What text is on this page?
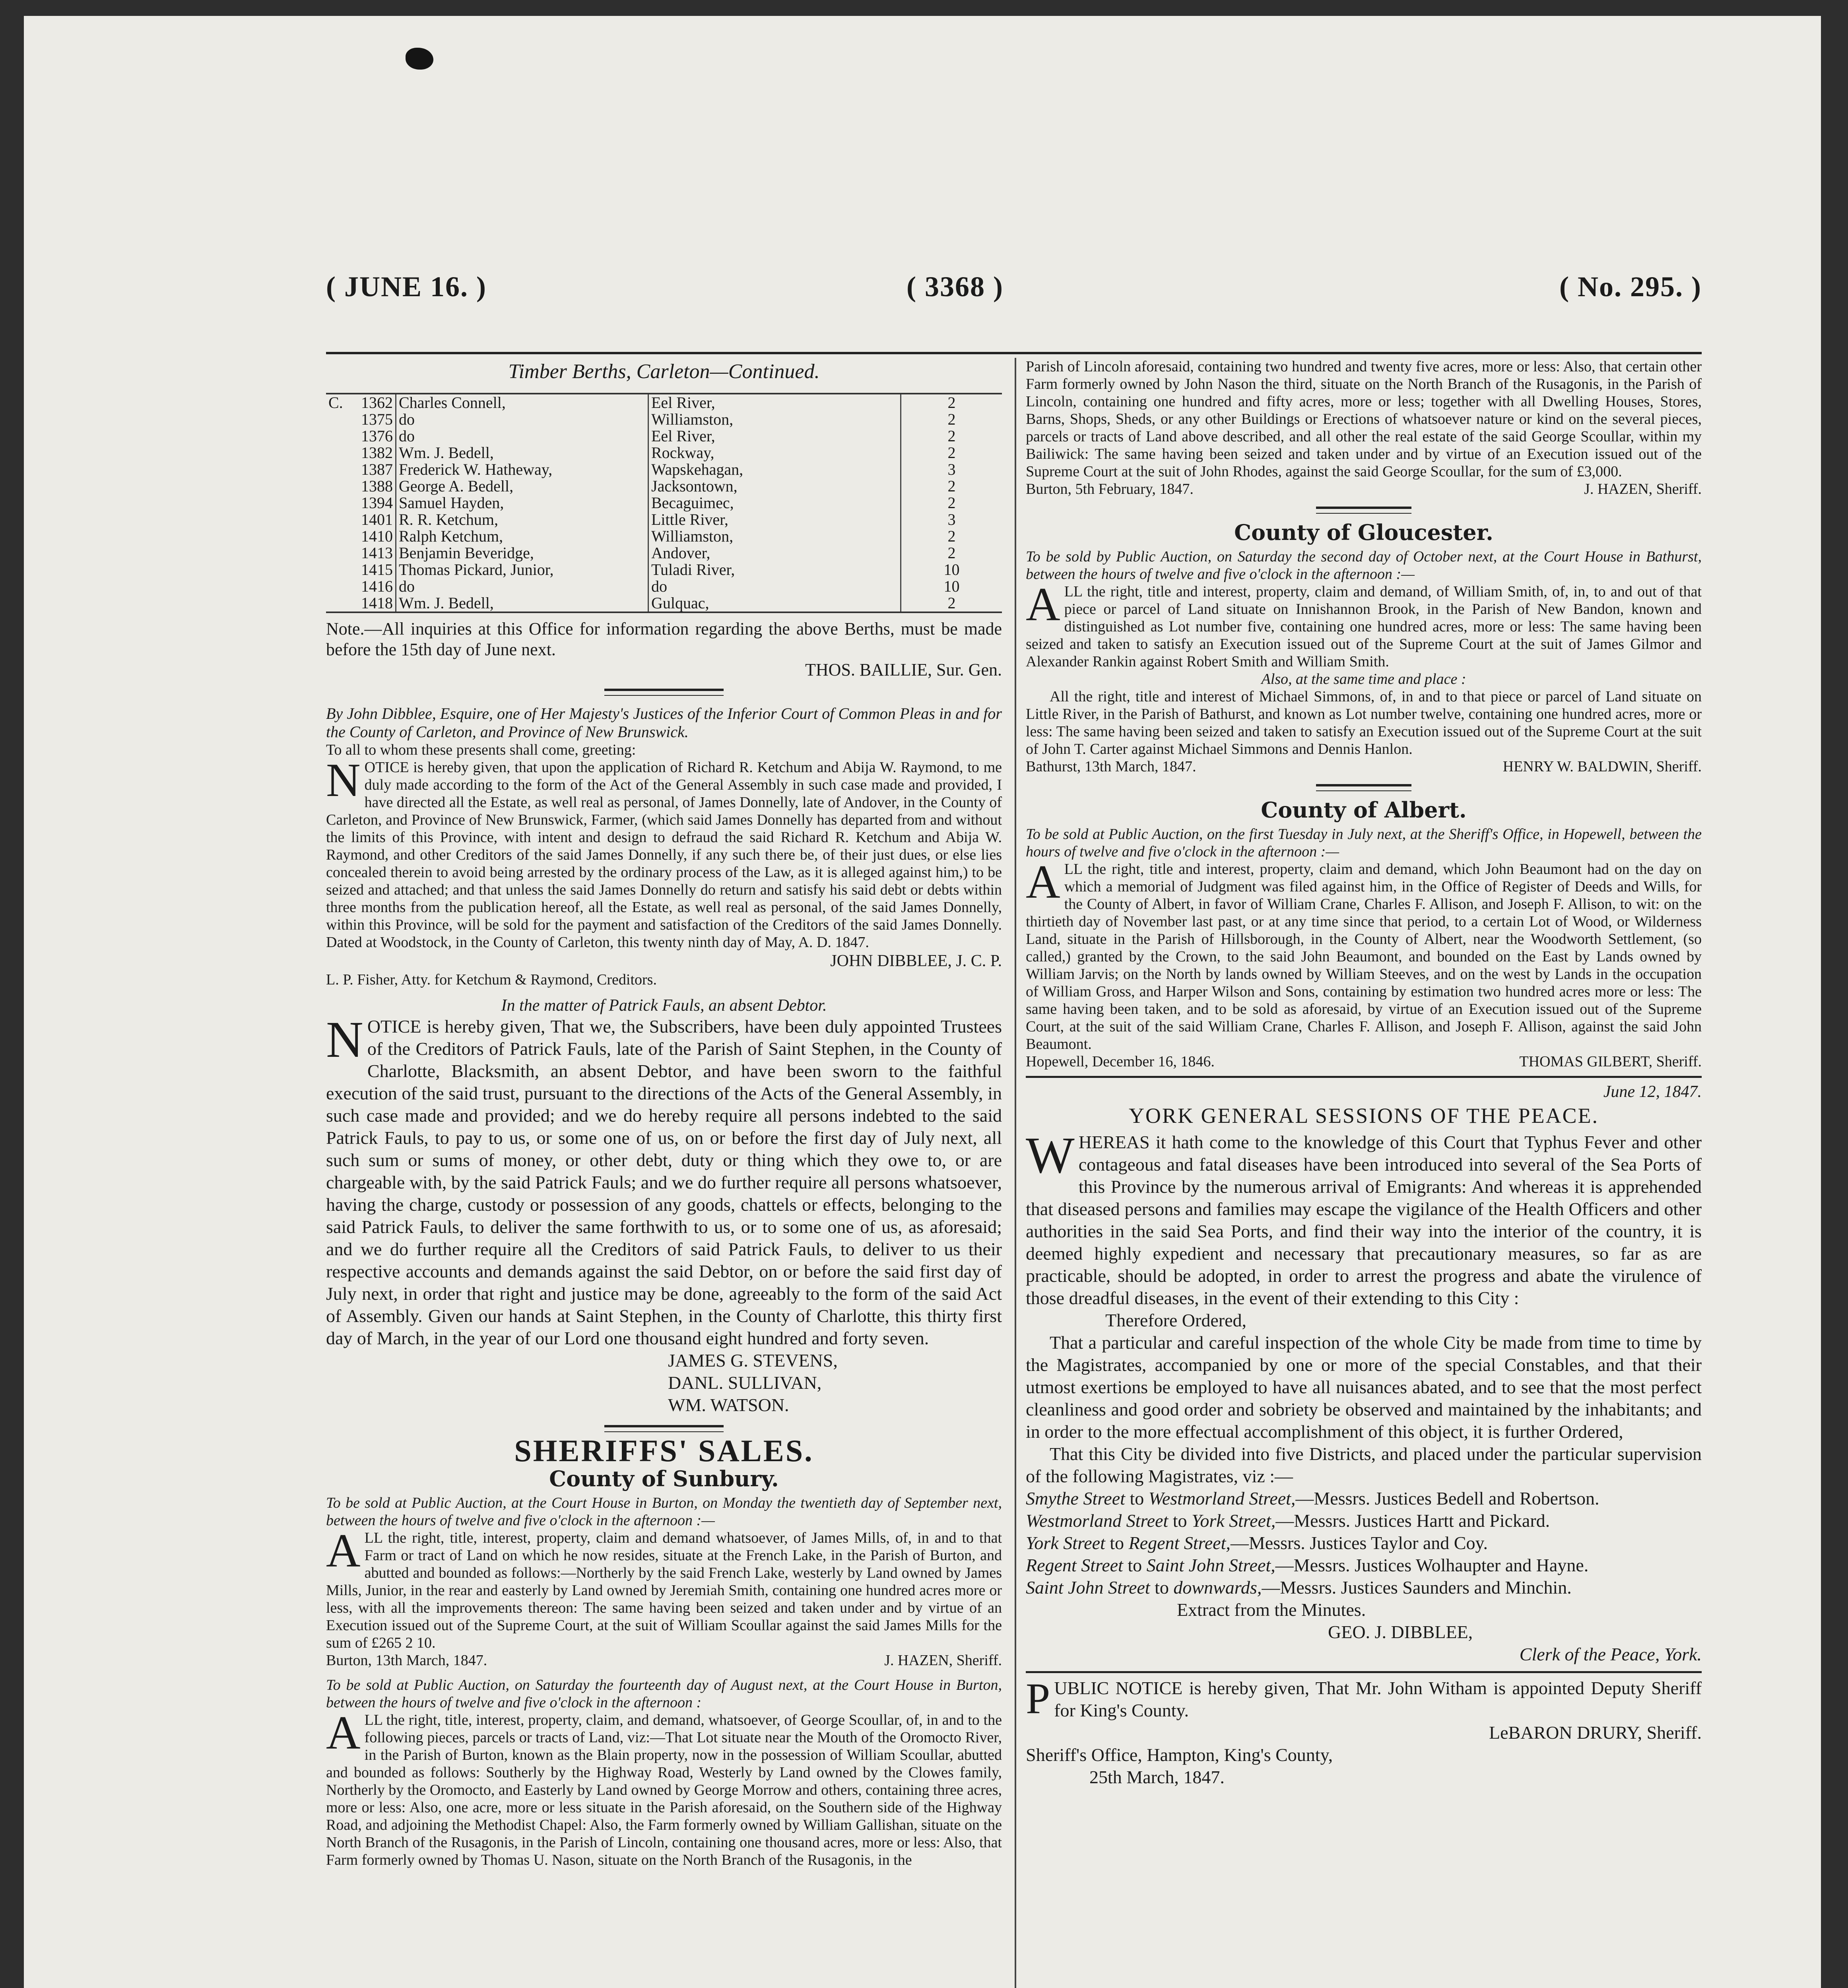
( JUNE 16. )	( 3368 )	( No. 295. )
Timber Berths, Carleton—Continued.
C.	1362	Charles Connell,	Eel River,	2
	1375	do	Williamston,	2
	1376	do	Eel River,	2
	1382	Wm. J. Bedell,	Rockway,	2
	1387	Frederick W. Hatheway,	Wapskehagan,	3
	1388	George A. Bedell,	Jacksontown,	2
	1394	Samuel Hayden,	Becaguimec,	2
	1401	R. R. Ketchum,	Little River,	3
	1410	Ralph Ketchum,	Williamston,	2
	1413	Benjamin Beveridge,	Andover,	2
	1415	Thomas Pickard, Junior,	Tuladi River,	10
	1416	do	do	10
	1418	Wm. J. Bedell,	Gulquac,	2

Note.—All inquiries at this Office for information regarding the above Berths, must be made before the 15th day of June next.

THOS. BAILLIE, Sur. Gen.

By John Dibblee, Esquire, one of Her Majesty's Justices of the Inferior Court of Common Pleas in and for the County of Carleton, and Province of New Brunswick.

To all to whom these presents shall come, greeting:

NOTICE is hereby given, that upon the application of Richard R. Ketchum and Abija W. Raymond, to me duly made according to the form of the Act of the General Assembly in such case made and provided, I have directed all the Estate, as well real as personal, of James Donnelly, late of Andover, in the County of Carleton, and Province of New Brunswick, Farmer, (which said James Donnelly has departed from and without the limits of this Province, with intent and design to defraud the said Richard R. Ketchum and Abija W. Raymond, and other Creditors of the said James Donnelly, if any such there be, of their just dues, or else lies concealed therein to avoid being arrested by the ordinary process of the Law, as it is alleged against him,) to be seized and attached; and that unless the said James Donnelly do return and satisfy his said debt or debts within three months from the publication hereof, all the Estate, as well real as personal, of the said James Donnelly, within this Province, will be sold for the payment and satisfaction of the Creditors of the said James Donnelly. Dated at Woodstock, in the County of Carleton, this twenty ninth day of May, A. D. 1847.

JOHN DIBBLEE, J. C. P.

L. P. Fisher, Atty. for Ketchum & Raymond, Creditors.

In the matter of Patrick Fauls, an absent Debtor.

NOTICE is hereby given, That we, the Subscribers, have been duly appointed Trustees of the Creditors of Patrick Fauls, late of the Parish of Saint Stephen, in the County of Charlotte, Blacksmith, an absent Debtor, and have been sworn to the faithful execution of the said trust, pursuant to the directions of the Acts of the General Assembly, in such case made and provided; and we do hereby require all persons indebted to the said Patrick Fauls, to pay to us, or some one of us, on or before the first day of July next, all such sum or sums of money, or other debt, duty or thing which they owe to, or are chargeable with, by the said Patrick Fauls; and we do further require all persons whatsoever, having the charge, custody or possession of any goods, chattels or effects, belonging to the said Patrick Fauls, to deliver the same forthwith to us, or to some one of us, as aforesaid; and we do further require all the Creditors of said Patrick Fauls, to deliver to us their respective accounts and demands against the said Debtor, on or before the said first day of July next, in order that right and justice may be done, agreeably to the form of the said Act of Assembly. Given our hands at Saint Stephen, in the County of Charlotte, this thirty first day of March, in the year of our Lord one thousand eight hundred and forty seven.

JAMES G. STEVENS,
DANL. SULLIVAN,
WM. WATSON.
SHERIFFS' SALES.
County of Sunbury.

To be sold at Public Auction, at the Court House in Burton, on Monday the twentieth day of September next, between the hours of twelve and five o'clock in the afternoon :—

ALL the right, title, interest, property, claim and demand whatsoever, of James Mills, of, in and to that Farm or tract of Land on which he now resides, situate at the French Lake, in the Parish of Burton, and abutted and bounded as follows:—Northerly by the said French Lake, westerly by Land owned by James Mills, Junior, in the rear and easterly by Land owned by Jeremiah Smith, containing one hundred acres more or less, with all the improvements thereon: The same having been seized and taken under and by virtue of an Execution issued out of the Supreme Court, at the suit of William Scoullar against the said James Mills for the sum of £265 2 10.

Burton, 13th March, 1847.	J. HAZEN, Sheriff.

To be sold at Public Auction, on Saturday the fourteenth day of August next, at the Court House in Burton, between the hours of twelve and five o'clock in the afternoon :

ALL the right, title, interest, property, claim, and demand, whatsoever, of George Scoullar, of, in and to the following pieces, parcels or tracts of Land, viz:—That Lot situate near the Mouth of the Oromocto River, in the Parish of Burton, known as the Blain property, now in the possession of William Scoullar, abutted and bounded as follows: Southerly by the Highway Road, Westerly by Land owned by the Clowes family, Northerly by the Oromocto, and Easterly by Land owned by George Morrow and others, containing three acres, more or less: Also, one acre, more or less situate in the Parish aforesaid, on the Southern side of the Highway Road, and adjoining the Methodist Chapel: Also, the Farm formerly owned by William Gallishan, situate on the North Branch of the Rusagonis, in the Parish of Lincoln, containing one thousand acres, more or less: Also, that Farm formerly owned by Thomas U. Nason, situate on the North Branch of the Rusagonis, in the

Parish of Lincoln aforesaid, containing two hundred and twenty five acres, more or less: Also, that certain other Farm formerly owned by John Nason the third, situate on the North Branch of the Rusagonis, in the Parish of Lincoln, containing one hundred and fifty acres, more or less; together with all Dwelling Houses, Stores, Barns, Shops, Sheds, or any other Buildings or Erections of whatsoever nature or kind on the several pieces, parcels or tracts of Land above described, and all other the real estate of the said George Scoullar, within my Bailiwick: The same having been seized and taken under and by virtue of an Execution issued out of the Supreme Court at the suit of John Rhodes, against the said George Scoullar, for the sum of £3,000.

Burton, 5th February, 1847.	J. HAZEN, Sheriff.
County of Gloucester.

To be sold by Public Auction, on Saturday the second day of October next, at the Court House in Bathurst, between the hours of twelve and five o'clock in the afternoon :—

ALL the right, title and interest, property, claim and demand, of William Smith, of, in, to and out of that piece or parcel of Land situate on Innishannon Brook, in the Parish of New Bandon, known and distinguished as Lot number five, containing one hundred acres, more or less: The same having been seized and taken to satisfy an Execution issued out of the Supreme Court at the suit of James Gilmor and Alexander Rankin against Robert Smith and William Smith.

Also, at the same time and place :

All the right, title and interest of Michael Simmons, of, in and to that piece or parcel of Land situate on Little River, in the Parish of Bathurst, and known as Lot number twelve, containing one hundred acres, more or less: The same having been seized and taken to satisfy an Execution issued out of the Supreme Court at the suit of John T. Carter against Michael Simmons and Dennis Hanlon.

Bathurst, 13th March, 1847.	HENRY W. BALDWIN, Sheriff.
County of Albert.

To be sold at Public Auction, on the first Tuesday in July next, at the Sheriff's Office, in Hopewell, between the hours of twelve and five o'clock in the afternoon :—

ALL the right, title and interest, property, claim and demand, which John Beaumont had on the day on which a memorial of Judgment was filed against him, in the Office of Register of Deeds and Wills, for the County of Albert, in favor of William Crane, Charles F. Allison, and Joseph F. Allison, to wit: on the thirtieth day of November last past, or at any time since that period, to a certain Lot of Wood, or Wilderness Land, situate in the Parish of Hillsborough, in the County of Albert, near the Woodworth Settlement, (so called,) granted by the Crown, to the said John Beaumont, and bounded on the East by Lands owned by William Jarvis; on the North by lands owned by William Steeves, and on the west by Lands in the occupation of William Gross, and Harper Wilson and Sons, containing by estimation two hundred acres more or less: The same having been taken, and to be sold as aforesaid, by virtue of an Execution issued out of the Supreme Court, at the suit of the said William Crane, Charles F. Allison, and Joseph F. Allison, against the said John Beaumont.

Hopewell, December 16, 1846.	THOMAS GILBERT, Sheriff.

June 12, 1847.

YORK GENERAL SESSIONS OF THE PEACE.

WHEREAS it hath come to the knowledge of this Court that Typhus Fever and other contageous and fatal diseases have been introduced into several of the Sea Ports of this Province by the numerous arrival of Emigrants: And whereas it is apprehended that diseased persons and families may escape the vigilance of the Health Officers and other authorities in the said Sea Ports, and find their way into the interior of the country, it is deemed highly expedient and necessary that precautionary measures, so far as are practicable, should be adopted, in order to arrest the progress and abate the virulence of those dreadful diseases, in the event of their extending to this City :

Therefore Ordered,

That a particular and careful inspection of the whole City be made from time to time by the Magistrates, accompanied by one or more of the special Constables, and that their utmost exertions be employed to have all nuisances abated, and to see that the most perfect cleanliness and good order and sobriety be observed and maintained by the inhabitants; and in order to the more effectual accomplishment of this object, it is further Ordered,

That this City be divided into five Districts, and placed under the particular supervision of the following Magistrates, viz :—

Smythe Street to Westmorland Street,—Messrs. Justices Bedell and Robertson.

Westmorland Street to York Street,—Messrs. Justices Hartt and Pickard.

York Street to Regent Street,—Messrs. Justices Taylor and Coy.

Regent Street to Saint John Street,—Messrs. Justices Wolhaupter and Hayne.

Saint John Street to downwards,—Messrs. Justices Saunders and Minchin.

Extract from the Minutes.

GEO. J. DIBBLEE,

Clerk of the Peace, York.

PUBLIC NOTICE is hereby given, That Mr. John Witham is appointed Deputy Sheriff for King's County.

LeBARON DRURY, Sheriff.

Sheriff's Office, Hampton, King's County,

25th March, 1847.
